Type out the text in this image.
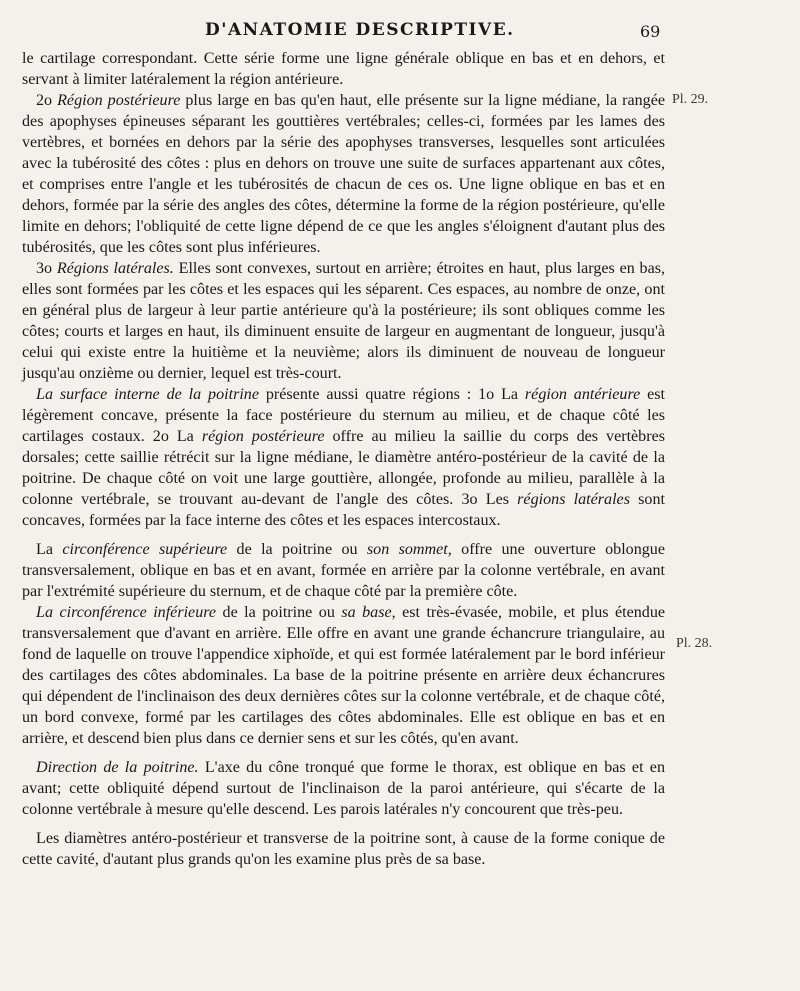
D'ANATOMIE DESCRIPTIVE.	69
Pl. 29.
Pl. 28.

le cartilage correspondant. Cette série forme une ligne générale oblique en bas et en dehors, et servant à limiter latéralement la région antérieure.

2o Région postérieure plus large en bas qu'en haut, elle présente sur la ligne médiane, la rangée des apophyses épineuses séparant les gouttières vertébrales; celles-ci, formées par les lames des vertèbres, et bornées en dehors par la série des apophyses transverses, lesquelles sont articulées avec la tubérosité des côtes : plus en dehors on trouve une suite de surfaces appartenant aux côtes, et comprises entre l'angle et les tubérosités de chacun de ces os. Une ligne oblique en bas et en dehors, formée par la série des angles des côtes, détermine la forme de la région postérieure, qu'elle limite en dehors; l'obliquité de cette ligne dépend de ce que les angles s'éloignent d'autant plus des tubérosités, que les côtes sont plus inférieures.

3o Régions latérales. Elles sont convexes, surtout en arrière; étroites en haut, plus larges en bas, elles sont formées par les côtes et les espaces qui les séparent. Ces espaces, au nombre de onze, ont en général plus de largeur à leur partie antérieure qu'à la postérieure; ils sont obliques comme les côtes; courts et larges en haut, ils diminuent ensuite de largeur en augmentant de longueur, jusqu'à celui qui existe entre la huitième et la neuvième; alors ils diminuent de nouveau de longueur jusqu'au onzième ou dernier, lequel est très-court.

La surface interne de la poitrine présente aussi quatre régions : 1o La région antérieure est légèrement concave, présente la face postérieure du sternum au milieu, et de chaque côté les cartilages costaux. 2o La région postérieure offre au milieu la saillie du corps des vertèbres dorsales; cette saillie rétrécit sur la ligne médiane, le diamètre antéro-postérieur de la cavité de la poitrine. De chaque côté on voit une large gouttière, allongée, profonde au milieu, parallèle à la colonne vertébrale, se trouvant au-devant de l'angle des côtes. 3o Les régions latérales sont concaves, formées par la face interne des côtes et les espaces intercostaux.

La circonférence supérieure de la poitrine ou son sommet, offre une ouverture oblongue transversalement, oblique en bas et en avant, formée en arrière par la colonne vertébrale, en avant par l'extrémité supérieure du sternum, et de chaque côté par la première côte.

La circonférence inférieure de la poitrine ou sa base, est très-évasée, mobile, et plus étendue transversalement que d'avant en arrière. Elle offre en avant une grande échancrure triangulaire, au fond de laquelle on trouve l'appendice xiphoïde, et qui est formée latéralement par le bord inférieur des cartilages des côtes abdominales. La base de la poitrine présente en arrière deux échancrures qui dépendent de l'inclinaison des deux dernières côtes sur la colonne vertébrale, et de chaque côté, un bord convexe, formé par les cartilages des côtes abdominales. Elle est oblique en bas et en arrière, et descend bien plus dans ce dernier sens et sur les côtés, qu'en avant.

Direction de la poitrine. L'axe du cône tronqué que forme le thorax, est oblique en bas et en avant; cette obliquité dépend surtout de l'inclinaison de la paroi antérieure, qui s'écarte de la colonne vertébrale à mesure qu'elle descend. Les parois latérales n'y concourent que très-peu.

Les diamètres antéro-postérieur et transverse de la poitrine sont, à cause de la forme conique de cette cavité, d'autant plus grands qu'on les examine plus près de sa base.
